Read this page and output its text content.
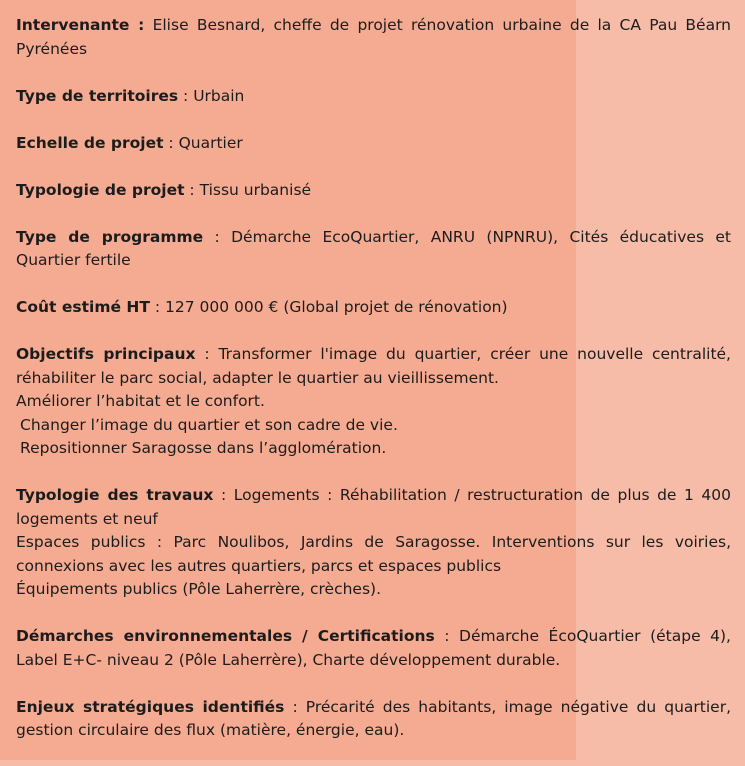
Intervenante : Elise Besnard, cheffe de projet rénovation urbaine de la CA Pau Béarn Pyrénées

Type de territoires : Urbain

Echelle de projet : Quartier

Typologie de projet : Tissu urbanisé

Type de programme : Démarche EcoQuartier, ANRU (NPNRU), Cités éducatives et Quartier fertile

Coût estimé HT : 127 000 000 € (Global projet de rénovation)

Objectifs principaux : Transformer l'image du quartier, créer une nouvelle centralité, réhabiliter le parc social, adapter le quartier au vieillissement.
Améliorer l’habitat et le confort.
Changer l’image du quartier et son cadre de vie.
Repositionner Saragosse dans l’agglomération.
Typologie des travaux : Logements : Réhabilitation / restructuration de plus de 1 400 logements et neuf
Espaces publics : Parc Noulibos, Jardins de Saragosse. Interventions sur les voiries, connexions avec les autres quartiers, parcs et espaces publics
Équipements publics (Pôle Laherrère, crèches).

Démarches environnementales / Certifications : Démarche ÉcoQuartier (étape 4), Label E+C- niveau 2 (Pôle Laherrère), Charte développement durable.

Enjeux stratégiques identifiés : Précarité des habitants, image négative du quartier, gestion circulaire des flux (matière, énergie, eau).
